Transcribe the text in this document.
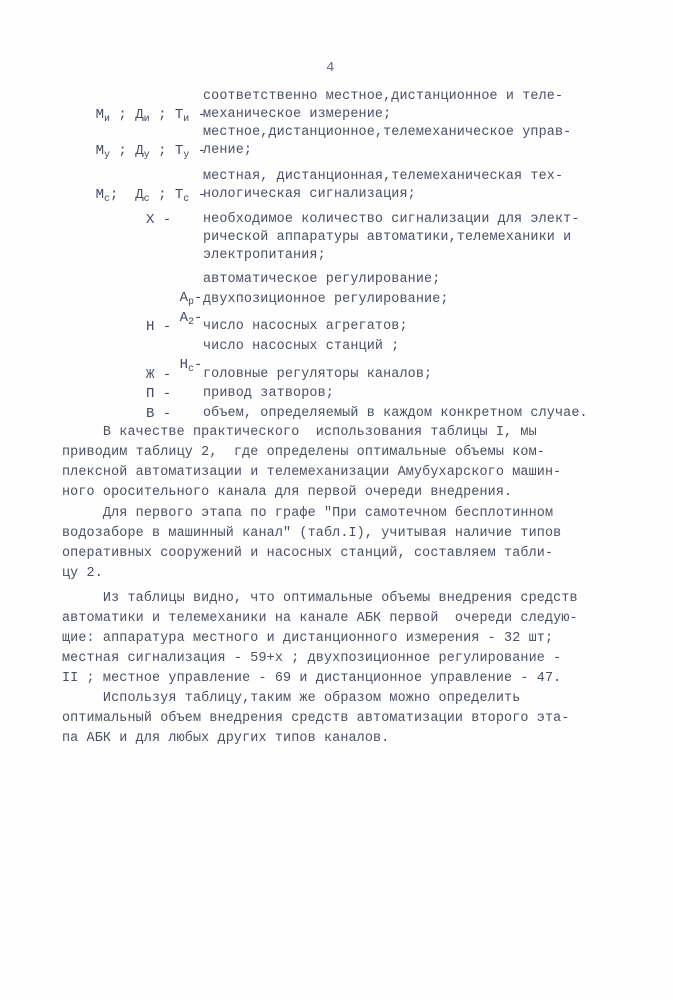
4

$М_и$ ; $Д_и$ ; $Т_и$ -

соответственно местное,дистанционное и теле-
механическое измерение;

$М_у$ ; $Д_у$ ; $Т_у$ -

местное,дистанционное,телемеханическое управ-
ление;

$М_с$;  $Д_с$ ; $Т_с$ -

местная, дистанционная,телемеханическая тех-
нологическая сигнализация;
Х - необходимое количество сигнализации для элект-
рической аппаратуры автоматики,телемеханики и
электропитания;

$А_р-$

автоматическое регулирование;

$А_2-$

двухпозиционное регулирование;
Н - число насосных агрегатов;

$Н_с-$

число насосных станций ;
Ж - головные регуляторы каналов;
П - привод затворов;
В - объем, определяемый в каждом конкретном случае.
В качестве практического  использования таблицы I, мы
приводим таблицу 2,  где определены оптимальные объемы ком-
плексной автоматизации и телемеханизации Амубухарского машин-
ного оросительного канала для первой очереди внедрения.
Для первого этапа по графе "При самотечном бесплотинном
водозаборе в машинный канал" (табл.I), учитывая наличие типов
оперативных сооружений и насосных станций, составляем табли-
цу 2.
Из таблицы видно, что оптимальные объемы внедрения средств
автоматики и телемеханики на канале АБК первой  очереди следую-
щие: аппаратура местного и дистанционного измерения - 32 шт;
местная сигнализация - 59+х ; двухпозиционное регулирование -
II ; местное управление - 69 и дистанционное управление - 47.
Используя таблицу,таким же образом можно определить
оптимальный объем внедрения средств автоматизации второго эта-
па АБК и для любых других типов каналов.
